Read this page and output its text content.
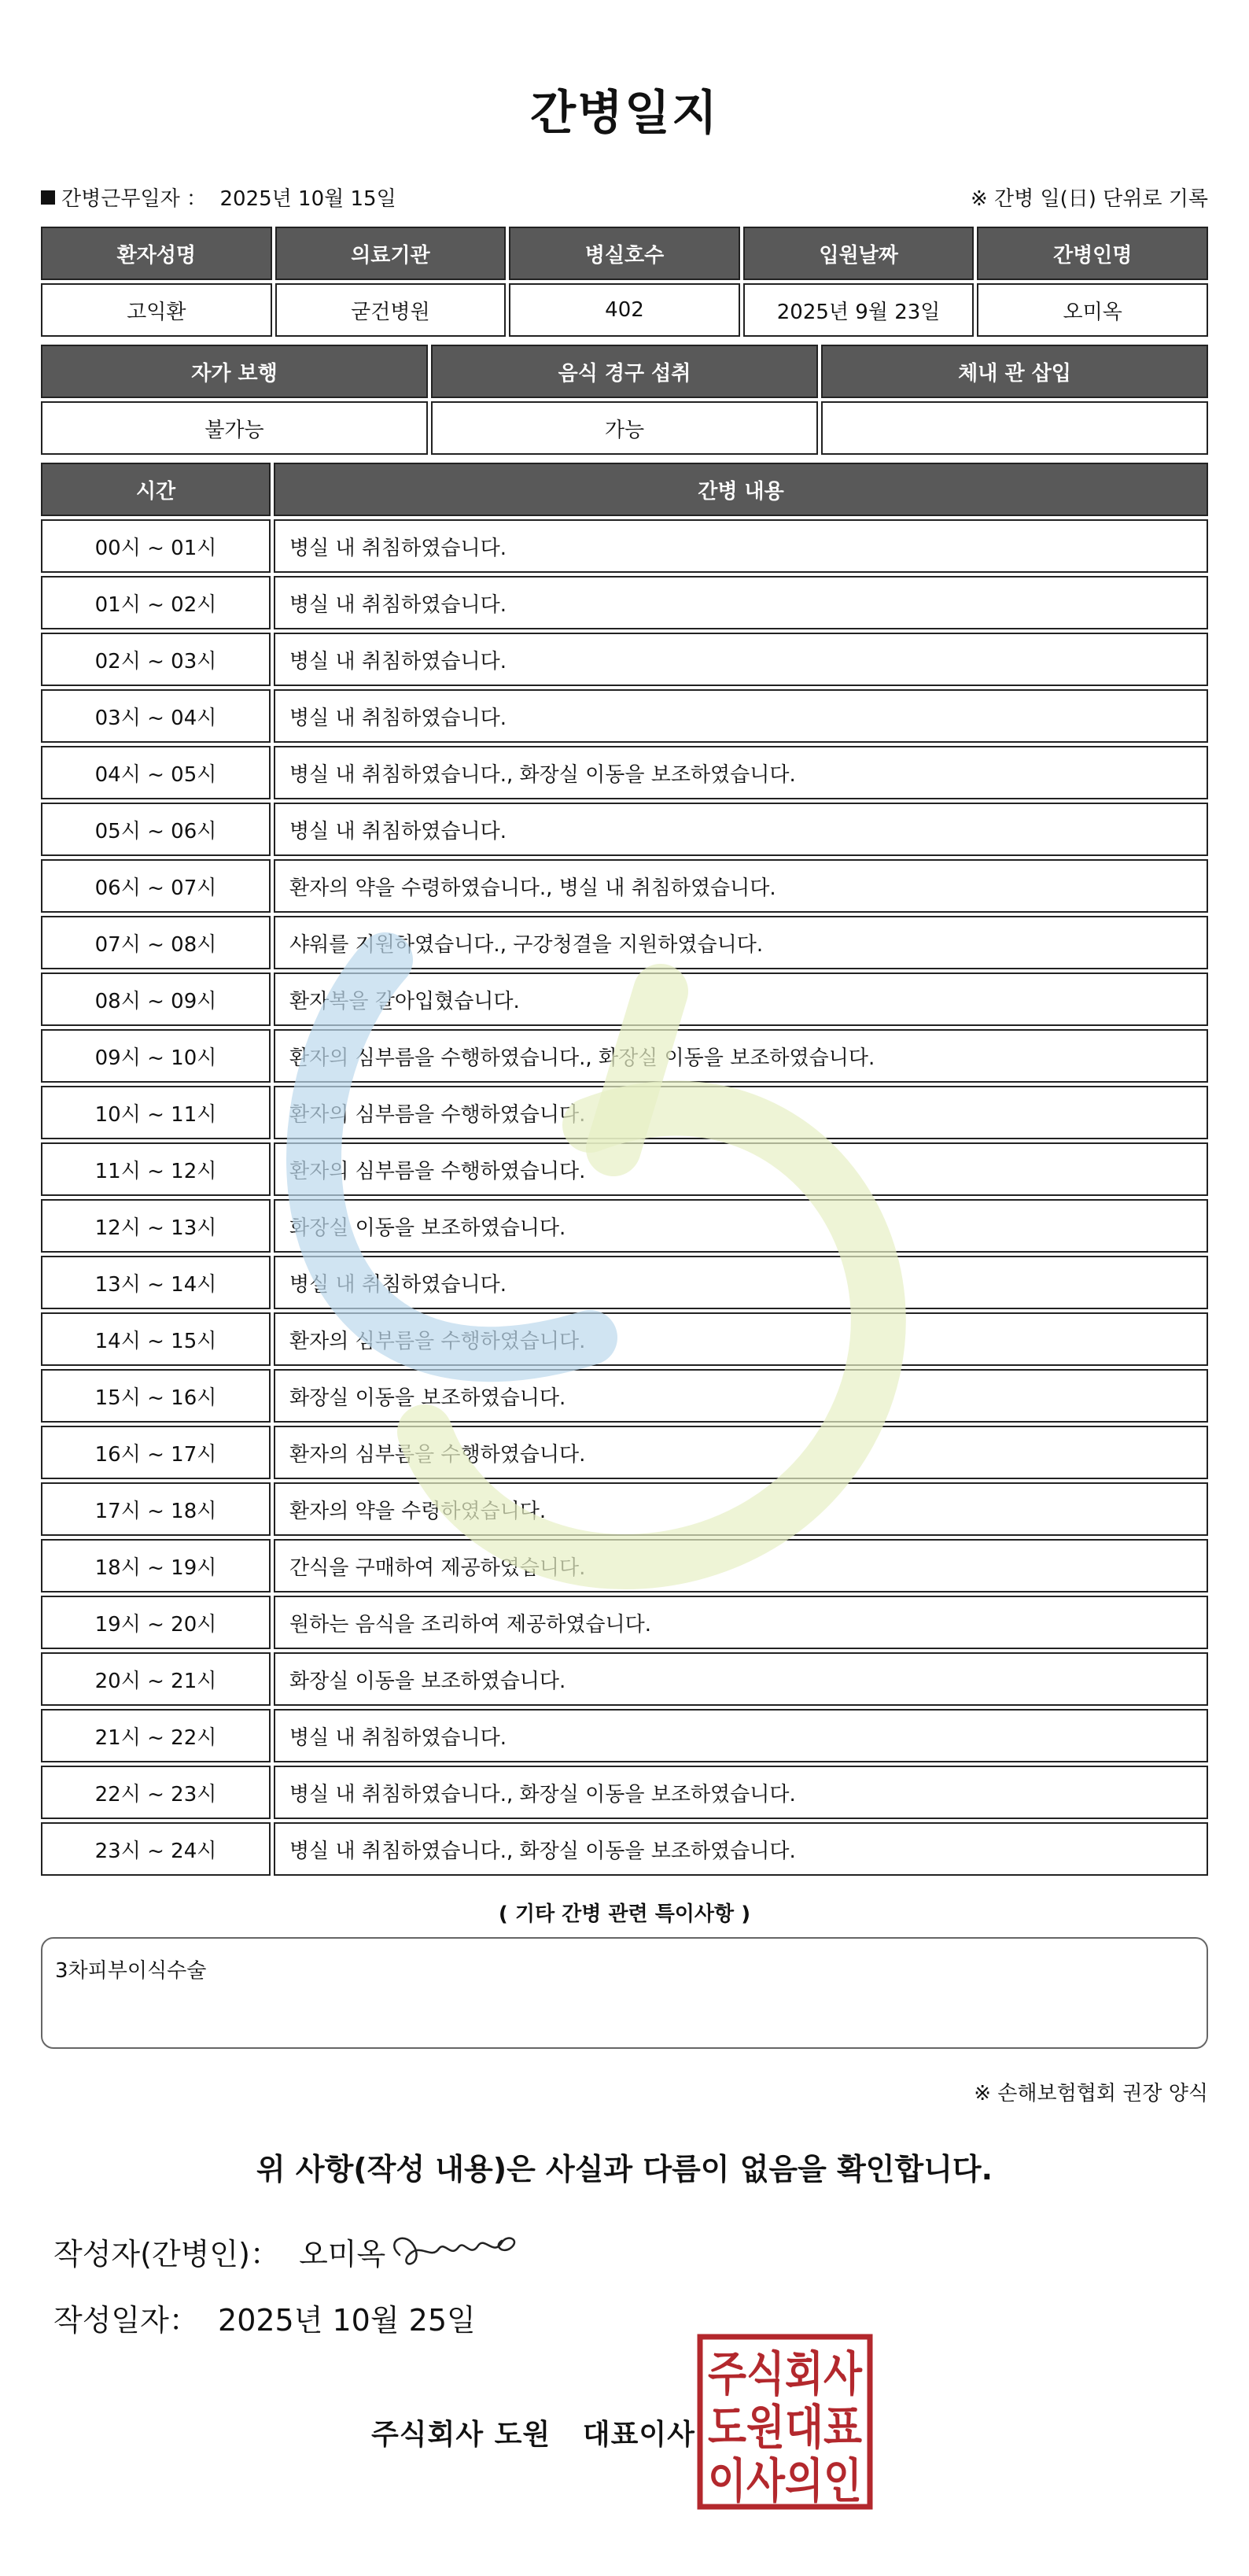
간병일지
간병근무일자 ： 2025년 10월 15일	※ 간병 일(日) 단위로 기록
환자성명	의료기관	병실호수	입원날짜	간병인명
고익환	굳건병원	402	2025년 9월 23일	오미옥
자가 보행	음식 경구 섭취	체내 관 삽입
불가능	가능
시간	간병 내용
00시 ~ 01시	병실 내 취침하였습니다.
01시 ~ 02시	병실 내 취침하였습니다.
02시 ~ 03시	병실 내 취침하였습니다.
03시 ~ 04시	병실 내 취침하였습니다.
04시 ~ 05시	병실 내 취침하였습니다., 화장실 이동을 보조하였습니다.
05시 ~ 06시	병실 내 취침하였습니다.
06시 ~ 07시	환자의 약을 수령하였습니다., 병실 내 취침하였습니다.
07시 ~ 08시	샤워를 지원하였습니다., 구강청결을 지원하였습니다.
08시 ~ 09시	환자복을 갈아입혔습니다.
09시 ~ 10시	환자의 심부름을 수행하였습니다., 화장실 이동을 보조하였습니다.
10시 ~ 11시	환자의 심부름을 수행하였습니다.
11시 ~ 12시	환자의 심부름을 수행하였습니다.
12시 ~ 13시	화장실 이동을 보조하였습니다.
13시 ~ 14시	병실 내 취침하였습니다.
14시 ~ 15시	환자의 심부름을 수행하였습니다.
15시 ~ 16시	화장실 이동을 보조하였습니다.
16시 ~ 17시	환자의 심부름을 수행하였습니다.
17시 ~ 18시	환자의 약을 수령하였습니다.
18시 ~ 19시	간식을 구매하여 제공하였습니다.
19시 ~ 20시	원하는 음식을 조리하여 제공하였습니다.
20시 ~ 21시	화장실 이동을 보조하였습니다.
21시 ~ 22시	병실 내 취침하였습니다.
22시 ~ 23시	병실 내 취침하였습니다., 화장실 이동을 보조하였습니다.
23시 ~ 24시	병실 내 취침하였습니다., 화장실 이동을 보조하였습니다.
( 기타 간병 관련 특이사항 )
3차피부이식수술
※ 손해보험협회 권장 양식
위 사항(작성 내용)은 사실과 다름이 없음을 확인합니다.
작성자(간병인)： 오미옥
작성일자： 2025년 10월 25일
주식회사 도원   대표이사
주식회사
도원대표
이사의인
